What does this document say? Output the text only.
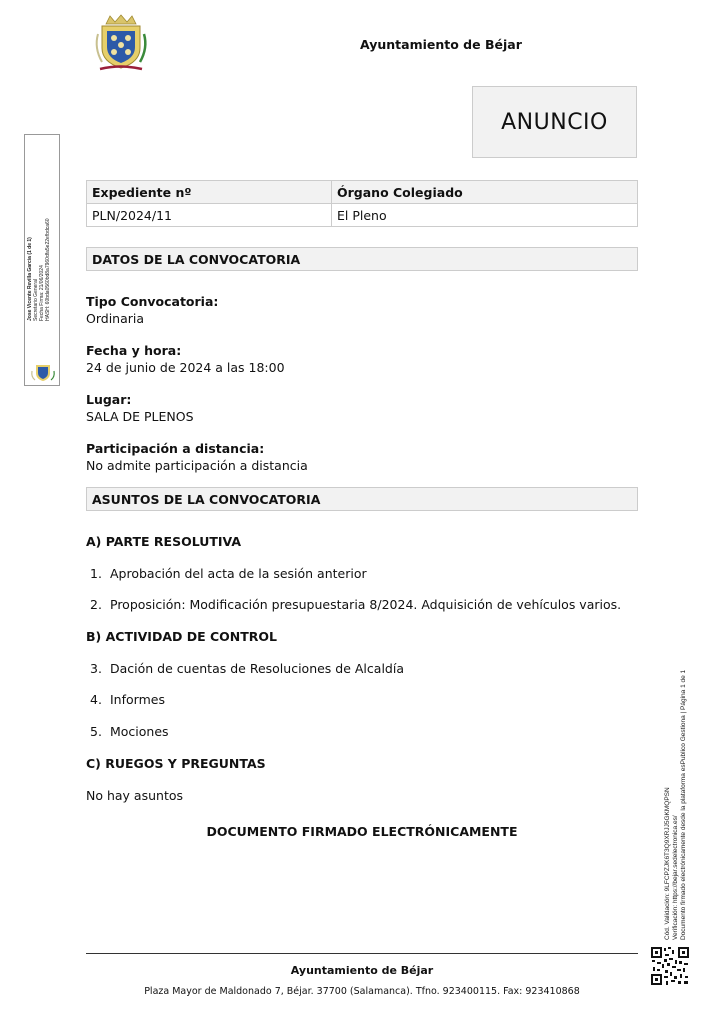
Ayuntamiento de Béjar
ANUNCIO
Jose Vicente Revilla Garcia (1 de 1) Secretario General Fecha Firma: 21/06/2024 HASH: 60bda0560bd8a7960dfa5e22efbdca60
Expediente nº	Órgano Colegiado
PLN/2024/11	El Pleno
DATOS DE LA CONVOCATORIA
Tipo Convocatoria:
Ordinaria
Fecha y hora:
24 de junio de 2024 a las 18:00
Lugar:
SALA DE PLENOS
Participación a distancia:
No admite participación a distancia
ASUNTOS DE LA CONVOCATORIA
A) PARTE RESOLUTIVA
1. Aprobación del acta de la sesión anterior
2. Proposición: Modificación presupuestaria 8/2024. Adquisición de vehículos varios.
B) ACTIVIDAD DE CONTROL
3. Dación de cuentas de Resoluciones de Alcaldía
4. Informes
5. Mociones
C) RUEGOS Y PREGUNTAS
No hay asuntos
DOCUMENTO FIRMADO ELECTRÓNICAMENTE	Cód. Validación: 9LFCPZJK6T3Q9XRJJ5GKMQPSN Verificación: https://bejar.sedelectronica.es/ Documento firmado electrónicamente desde la plataforma esPublico Gestiona | Página 1 de 1
Ayuntamiento de Béjar
Plaza Mayor de Maldonado 7, Béjar. 37700 (Salamanca). Tfno. 923400115. Fax: 923410868
